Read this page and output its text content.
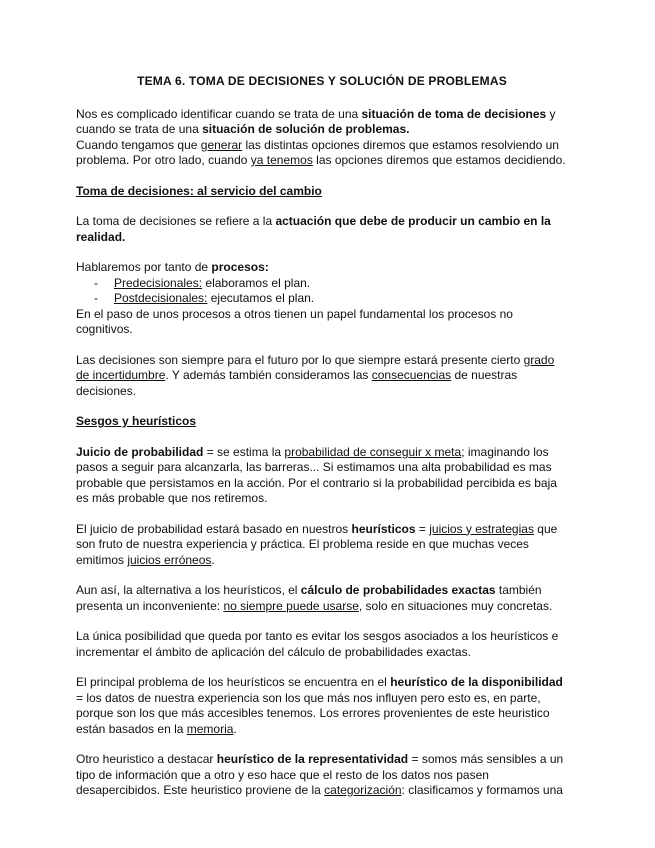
TEMA 6. TOMA DE DECISIONES Y SOLUCIÓN DE PROBLEMAS

Nos es complicado identificar cuando se trata de una situación de toma de decisiones y cuando se trata de una situación de solución de problemas.
Cuando tengamos que generar las distintas opciones diremos que estamos resolviendo un problema. Por otro lado, cuando ya tenemos las opciones diremos que estamos decidiendo.

Toma de decisiones: al servicio del cambio

La toma de decisiones se refiere a la actuación que debe de producir un cambio en la realidad.

Hablaremos por tanto de procesos:

- Predecisionales: elaboramos el plan.
- Postdecisionales: ejecutamos el plan.

En el paso de unos procesos a otros tienen un papel fundamental los procesos no cognitivos.

Las decisiones son siempre para el futuro por lo que siempre estará presente cierto grado de incertidumbre. Y además también consideramos las consecuencias de nuestras decisiones.

Sesgos y heurísticos

Juicio de probabilidad = se estima la probabilidad de conseguir x meta; imaginando los pasos a seguir para alcanzarla, las barreras... Si estimamos una alta probabilidad es mas probable que persistamos en la acción. Por el contrario si la probabilidad percibida es baja es más probable que nos retiremos.

El juicio de probabilidad estará basado en nuestros heurísticos = juicios y estrategias que son fruto de nuestra experiencia y práctica. El problema reside en que muchas veces emitimos juicios erróneos.

Aun así, la alternativa a los heurísticos, el cálculo de probabilidades exactas también presenta un inconveniente: no siempre puede usarse, solo en situaciones muy concretas.

La única posibilidad que queda por tanto es evitar los sesgos asociados a los heurísticos e incrementar el ámbito de aplicación del cálculo de probabilidades exactas.

El principal problema de los heurísticos se encuentra en el heurístico de la disponibilidad = los datos de nuestra experiencia son los que más nos influyen pero esto es, en parte, porque son los que más accesibles tenemos. Los errores provenientes de este heuristico están basados en la memoria.

Otro heuristico a destacar heurístico de la representatividad = somos más sensibles a un tipo de información que a otro y eso hace que el resto de los datos nos pasen desapercibidos. Este heuristico proviene de la categorización: clasificamos y formamos una
